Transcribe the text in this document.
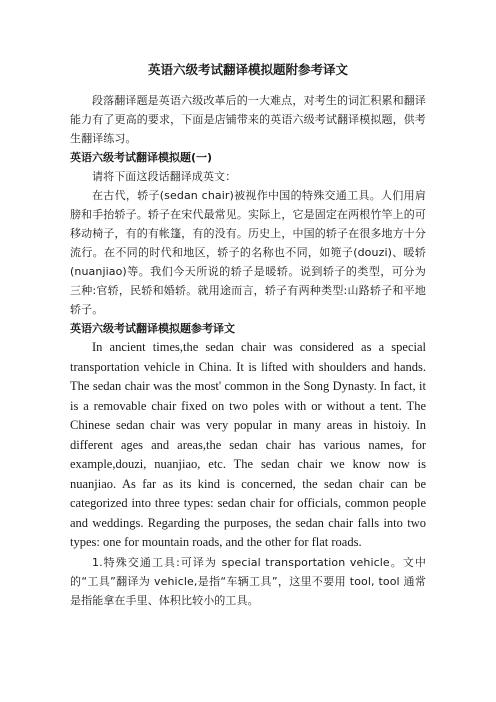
英语六级考试翻译模拟题附参考译文

段落翻译题是英语六级改革后的一大难点，对考生的词汇积累和翻译能力有了更高的要求，下面是店铺带来的英语六级考试翻译模拟题，供考生翻译练习。

英语六级考试翻译模拟题(一)

请将下面这段话翻译成英文：

在古代，轿子(sedan chair)被视作中国的特殊交通工具。人们用肩膀和手抬轿子。轿子在宋代最常见。实际上，它是固定在两根竹竿上的可移动椅子，有的有帐篷，有的没有。历史上，中国的轿子在很多地方十分流行。在不同的时代和地区，轿子的名称也不同，如篼子(douzi)、暖轿(nuanjiao)等。我们今天所说的轿子是暖轿。说到轿子的类型，可分为三种:官轿，民轿和婚轿。就用途而言，轿子有两种类型:山路轿子和平地轿子。

英语六级考试翻译模拟题参考译文

In ancient times,the sedan chair was considered as a special transportation vehicle in China. It is lifted with shoulders and hands. The sedan chair was the most' common in the Song Dynasty. In fact, it is a removable chair fixed on two poles with or without a tent. The Chinese sedan chair was very popular in many areas in histoiy. In different ages and areas,the sedan chair has various names, for example,douzi, nuanjiao, etc. The sedan chair we know now is nuanjiao. As far as its kind is concerned, the sedan chair can be categorized into three types: sedan chair for officials, common people and weddings. Regarding the purposes, the sedan chair falls into two types: one for mountain roads, and the other for flat roads.

1.特殊交通工具:可译为 special transportation vehicle。文中的“工具”翻译为 vehicle,是指“车辆工具”，这里不要用 tool, tool 通常是指能拿在手里、体积比较小的工具。
